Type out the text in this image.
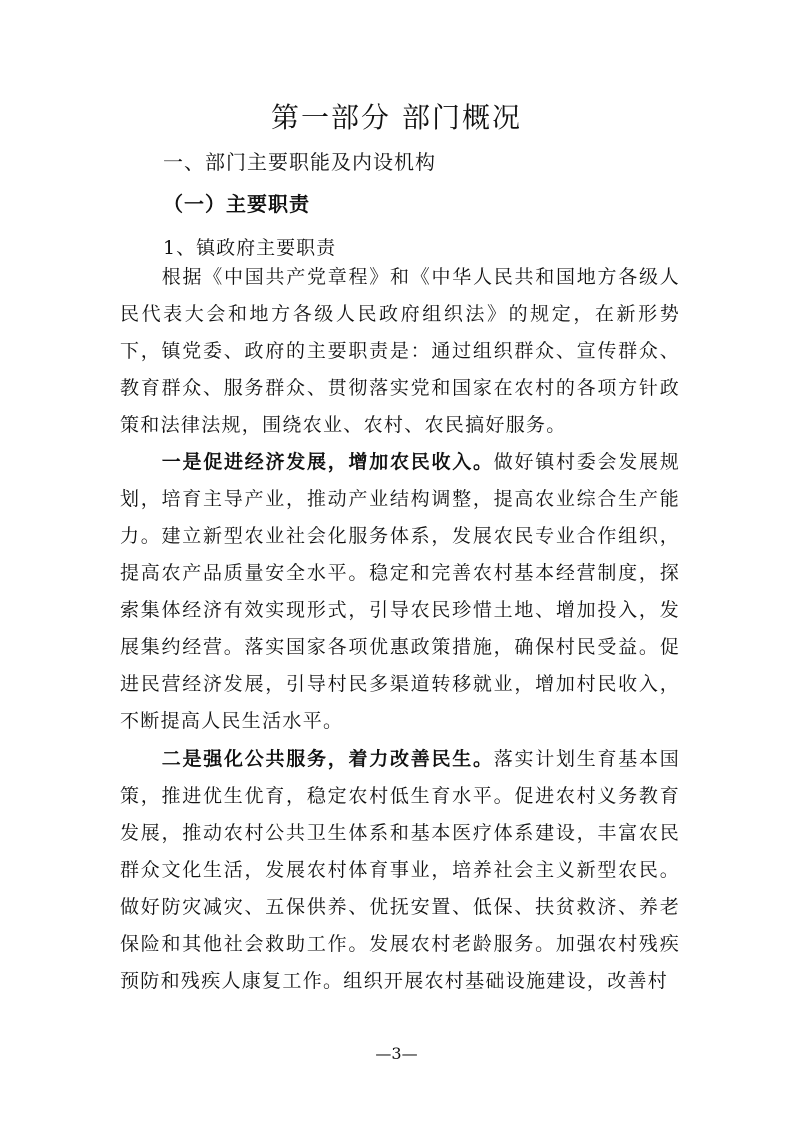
第一部分 部门概况
一、部门主要职能及内设机构
（一）主要职责
1、镇政府主要职责

根据《中国共产党章程》和《中华人民共和国地方各级人民代表大会和地方各级人民政府组织法》的规定，在新形势下，镇党委、政府的主要职责是：通过组织群众、宣传群众、教育群众、服务群众、贯彻落实党和国家在农村的各项方针政策和法律法规，围绕农业、农村、农民搞好服务。

一是促进经济发展，增加农民收入。做好镇村委会发展规划，培育主导产业，推动产业结构调整，提高农业综合生产能力。建立新型农业社会化服务体系，发展农民专业合作组织，提高农产品质量安全水平。稳定和完善农村基本经营制度，探索集体经济有效实现形式，引导农民珍惜土地、增加投入，发展集约经营。落实国家各项优惠政策措施，确保村民受益。促进民营经济发展，引导村民多渠道转移就业，增加村民收入，不断提高人民生活水平。

二是强化公共服务，着力改善民生。落实计划生育基本国策，推进优生优育，稳定农村低生育水平。促进农村义务教育发展，推动农村公共卫生体系和基本医疗体系建设，丰富农民群众文化生活，发展农村体育事业，培养社会主义新型农民。做好防灾减灾、五保供养、优抚安置、低保、扶贫救济、养老保险和其他社会救助工作。发展农村老龄服务。加强农村残疾预防和残疾人康复工作。组织开展农村基础设施建设，改善村

—3—
